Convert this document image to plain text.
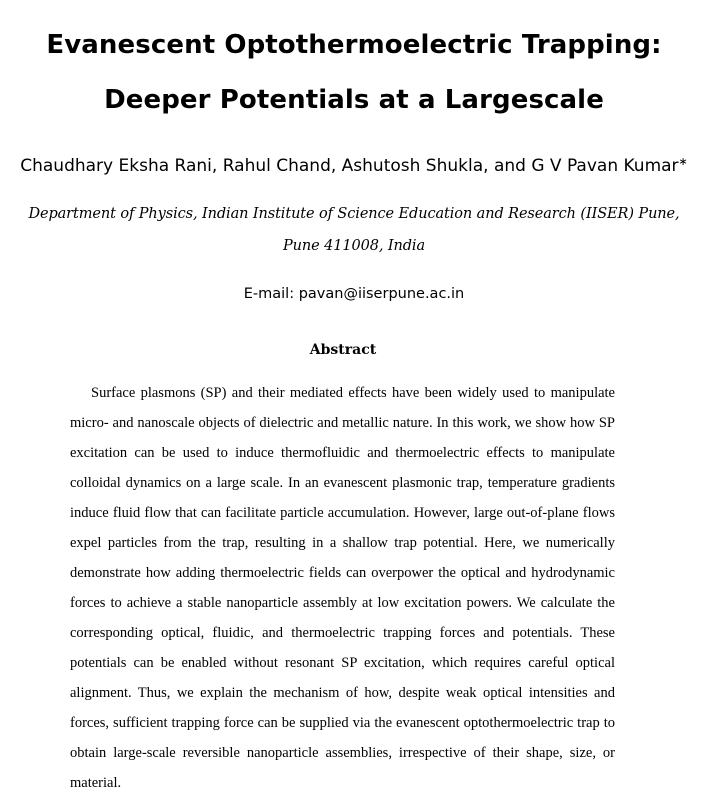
Evanescent Optothermoelectric Trapping:
Deeper Potentials at a Largescale

Chaudhary Eksha Rani, Rahul Chand, Ashutosh Shukla, and G V Pavan Kumar∗

Department of Physics, Indian Institute of Science Education and Research (IISER) Pune,

Pune 411008, India

E-mail: pavan@iiserpune.ac.in

Abstract

Surface plasmons (SP) and their mediated effects have been widely used to manipulate micro- and nanoscale objects of dielectric and metallic nature. In this work, we show how SP excitation can be used to induce thermofluidic and thermoelectric effects to manipulate colloidal dynamics on a large scale. In an evanescent plasmonic trap, temperature gradients induce fluid flow that can facilitate particle accumulation. However, large out-of-plane flows expel particles from the trap, resulting in a shallow trap potential. Here, we numerically demonstrate how adding thermoelectric fields can overpower the optical and hydrodynamic forces to achieve a stable nanoparticle assembly at low excitation powers. We calculate the corresponding optical, fluidic, and thermoelectric trapping forces and potentials. These potentials can be enabled without resonant SP excitation, which requires careful optical alignment. Thus, we explain the mechanism of how, despite weak optical intensities and forces, sufficient trapping force can be supplied via the evanescent optothermoelectric trap to obtain large-scale reversible nanoparticle assemblies, irrespective of their shape, size, or material.
